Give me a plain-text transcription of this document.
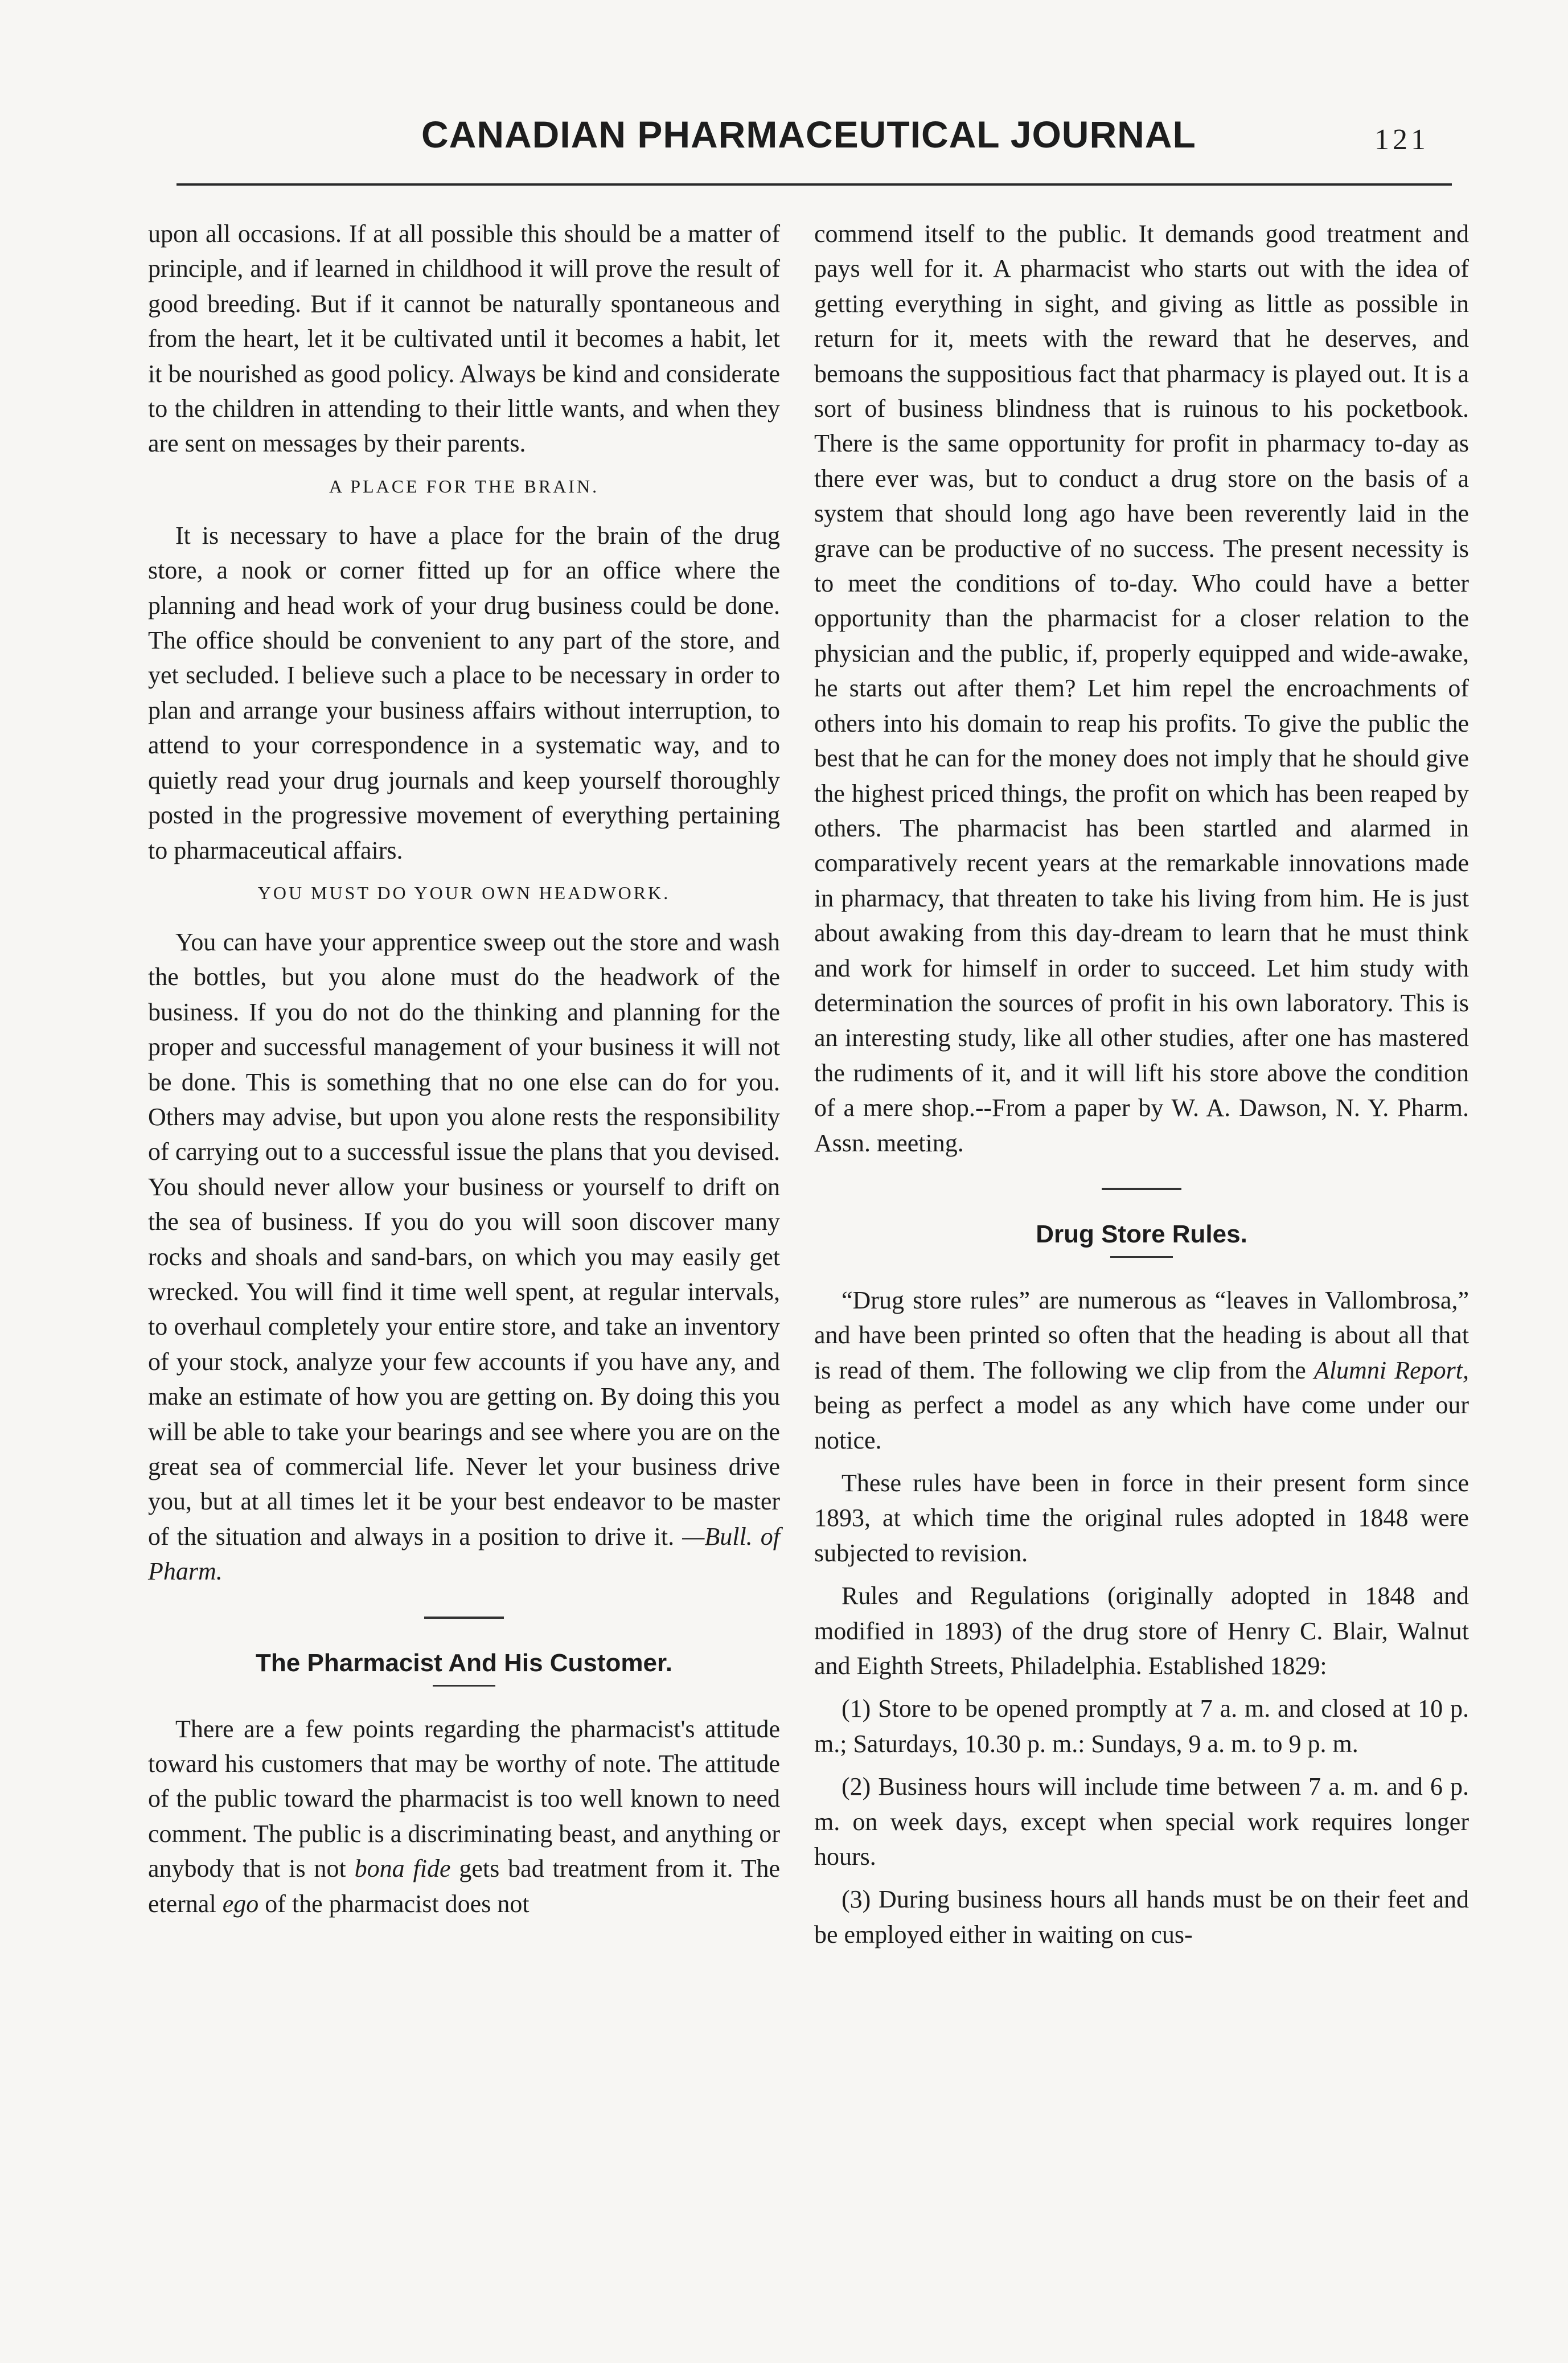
CANADIAN PHARMACEUTICAL JOURNAL	121

upon all occasions. If at all possible this should be a matter of principle, and if learned in childhood it will prove the result of good breeding. But if it cannot be naturally spontaneous and from the heart, let it be cultivated until it becomes a habit, let it be nourished as good policy. Always be kind and considerate to the children in attending to their little wants, and when they are sent on messages by their parents.

A PLACE FOR THE BRAIN.

It is necessary to have a place for the brain of the drug store, a nook or corner fitted up for an office where the planning and head work of your drug business could be done. The office should be convenient to any part of the store, and yet secluded. I believe such a place to be necessary in order to plan and arrange your business affairs without interruption, to attend to your correspondence in a systematic way, and to quietly read your drug journals and keep yourself thoroughly posted in the progressive movement of everything pertaining to pharmaceutical affairs.

YOU MUST DO YOUR OWN HEADWORK.

You can have your apprentice sweep out the store and wash the bottles, but you alone must do the headwork of the business. If you do not do the thinking and planning for the proper and successful management of your business it will not be done. This is something that no one else can do for you. Others may advise, but upon you alone rests the responsibility of carrying out to a successful issue the plans that you devised. You should never allow your business or yourself to drift on the sea of business. If you do you will soon discover many rocks and shoals and sand-bars, on which you may easily get wrecked. You will find it time well spent, at regular intervals, to overhaul completely your entire store, and take an inventory of your stock, analyze your few accounts if you have any, and make an estimate of how you are getting on. By doing this you will be able to take your bearings and see where you are on the great sea of commercial life. Never let your business drive you, but at all times let it be your best endeavor to be master of the situation and always in a position to drive it. —Bull. of Pharm.

The Pharmacist And His Customer.

There are a few points regarding the pharmacist's attitude toward his customers that may be worthy of note. The attitude of the public toward the pharmacist is too well known to need comment. The public is a discriminating beast, and anything or anybody that is not bona fide gets bad treatment from it. The eternal ego of the pharmacist does not

commend itself to the public. It demands good treatment and pays well for it. A pharmacist who starts out with the idea of getting everything in sight, and giving as little as possible in return for it, meets with the reward that he deserves, and bemoans the suppositious fact that pharmacy is played out. It is a sort of business blindness that is ruinous to his pocketbook. There is the same opportunity for profit in pharmacy to-day as there ever was, but to conduct a drug store on the basis of a system that should long ago have been reverently laid in the grave can be productive of no success. The present necessity is to meet the conditions of to-day. Who could have a better opportunity than the pharmacist for a closer relation to the physician and the public, if, properly equipped and wide-awake, he starts out after them? Let him repel the encroachments of others into his domain to reap his profits. To give the public the best that he can for the money does not imply that he should give the highest priced things, the profit on which has been reaped by others. The pharmacist has been startled and alarmed in comparatively recent years at the remarkable innovations made in pharmacy, that threaten to take his living from him. He is just about awaking from this day-dream to learn that he must think and work for himself in order to succeed. Let him study with determination the sources of profit in his own laboratory. This is an interesting study, like all other studies, after one has mastered the rudiments of it, and it will lift his store above the condition of a mere shop.--From a paper by W. A. Dawson, N. Y. Pharm. Assn. meeting.

Drug Store Rules.

“Drug store rules” are numerous as “leaves in Vallombrosa,” and have been printed so often that the heading is about all that is read of them. The following we clip from the Alumni Report, being as perfect a model as any which have come under our notice.

These rules have been in force in their present form since 1893, at which time the original rules adopted in 1848 were subjected to revision.

Rules and Regulations (originally adopted in 1848 and modified in 1893) of the drug store of Henry C. Blair, Walnut and Eighth Streets, Philadelphia. Established 1829:

(1) Store to be opened promptly at 7 a. m. and closed at 10 p. m.; Saturdays, 10.30 p. m.: Sundays, 9 a. m. to 9 p. m.

(2) Business hours will include time between 7 a. m. and 6 p. m. on week days, except when special work requires longer hours.

(3) During business hours all hands must be on their feet and be employed either in waiting on cus-
